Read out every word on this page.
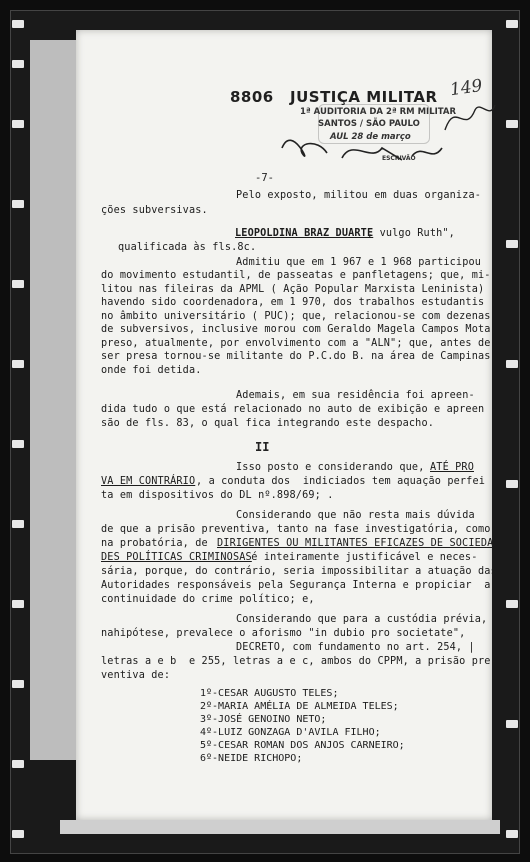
8806 JUSTIÇA MILITAR
1ª AUDITORIA DA 2ª RM MILITAR
SANTOS / SÃO PAULO
AUL 28 de março
ESCRIVÃO
149
-7-
Pelo exposto, militou em duas organiza-
ções subversivas.
LEOPOLDINA BRAZ DUARTE
, vulgo Ruth",
qualificada às fls.8c.
Admitiu que em 1 967 e 1 968 participou
do movimento estudantil, de passeatas e panfletagens; que, mi-
litou nas fileiras da APML ( Ação Popular Marxista Leninista) ,
havendo sido coordenadora, em 1 970, dos trabalhos estudantis ,
no âmbito universitário ( PUC); que, relacionou-se com dezenas
de subversivos, inclusive morou com Geraldo Magela Campos Mota,
preso, atualmente, por envolvimento com a "ALN"; que, antes de
ser presa tornou-se militante do P.C.do B. na área de Campinas,
onde foi detida.
Ademais, em sua residência foi apreen-
dida tudo o que está relacionado no auto de exibição e apreen -
são de fls. 83, o qual fica integrando este despacho.
II
Isso posto e considerando que, ATÉ PRO
VA EM CONTRÁRIO , a conduta dos  indiciados tem aquação perfei
ta em dispositivos do DL nº.898/69; .
Considerando que não resta mais dúvida
de que a prisão preventiva, tanto na fase investigatória, como
na probatória, de DIRIGENTES OU MILITANTES EFICAZES DE SOCIEDA
DES POLÍTICAS CRIMINOSAS
é inteiramente justificável e neces-
sária, porque, do contrário, seria impossibilitar a atuação das
Autoridades responsáveis pela Segurança Interna e propiciar  a
continuidade do crime político; e,
Considerando que para a custódia prévia,
nahipótese, prevalece o aforismo "in dubio pro societate",
DECRETO, com fundamento no art. 254, |
letras a e b  e 255, letras a e c, ambos do CPPM, a prisão pre-
ventiva de:
1º-CESAR AUGUSTO TELES;
2º-MARIA AMÉLIA DE ALMEIDA TELES;
3º-JOSÉ GENOINO NETO;
4º-LUIZ GONZAGA D'AVILA FILHO;
5º-CESAR ROMAN DOS ANJOS CARNEIRO;
6º-NEIDE RICHOPO;
